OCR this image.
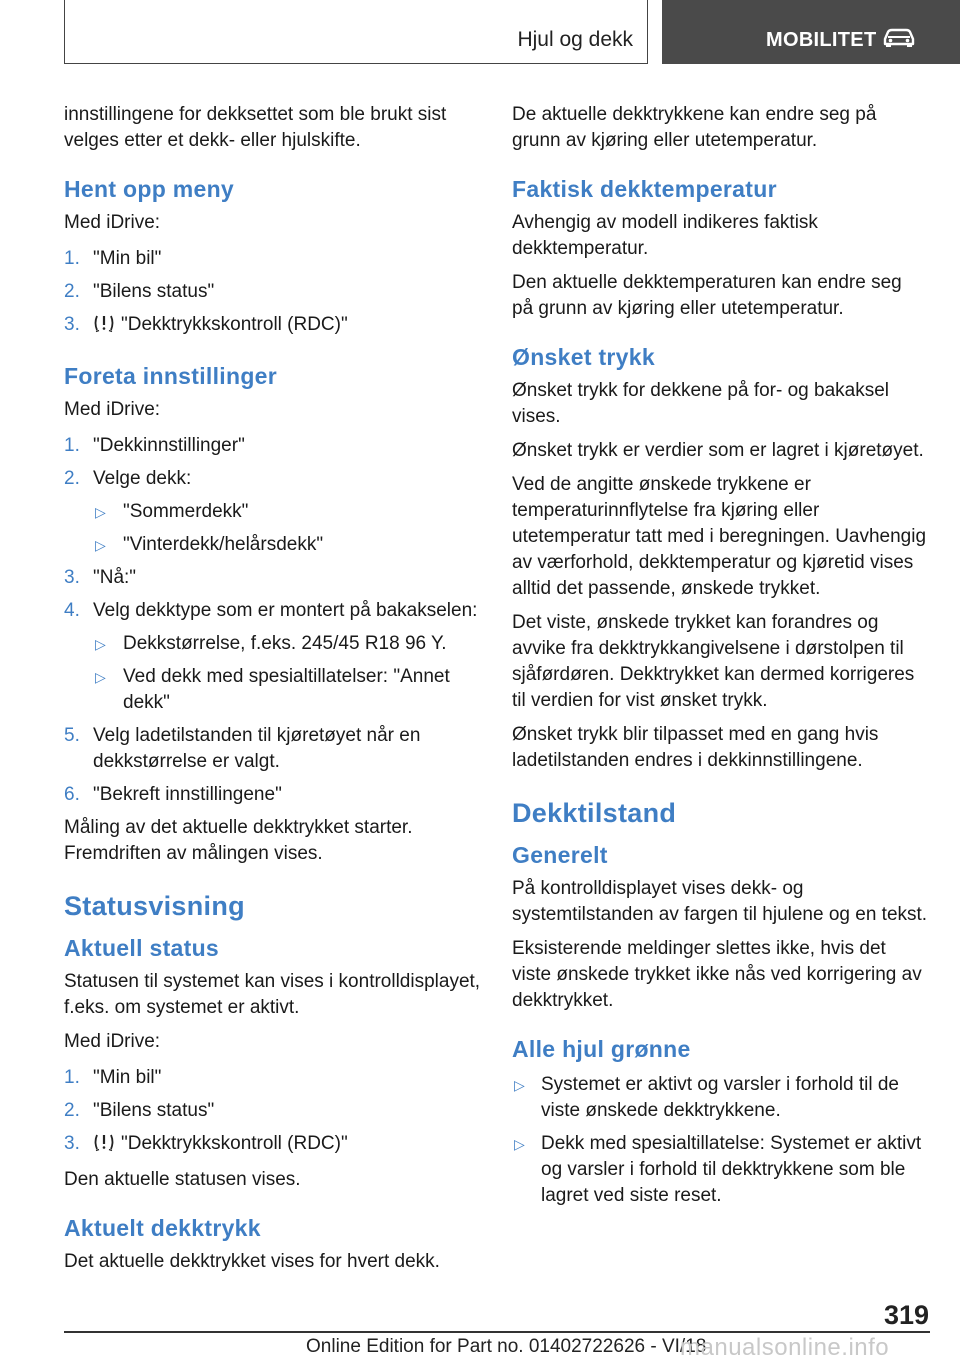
Hjul og dekk	MOBILITET

innstillingene for dekksettet som ble brukt sist velges etter et dekk- eller hjulskifte.

Hent opp meny

Med iDrive:

1. "Min bil"
2. "Bilens status"
3. "Dekktrykkskontroll (RDC)"
Foreta innstillinger

Med iDrive:

1. "Dekkinnstillinger"
2. Velge dekk:
▷ "Sommerdekk"
▷ "Vinterdekk/helårsdekk"
3. "Nå:"
4. Velg dekktype som er montert på bakakselen:
▷ Dekkstørrelse, f.eks. 245/45 R18 96 Y.
▷ Ved dekk med spesialtillatelser: "Annet dekk"
5. Velg ladetilstanden til kjøretøyet når en dekkstørrelse er valgt.
6. "Bekreft innstillingene"

Måling av det aktuelle dekktrykket starter. Fremdriften av målingen vises.

Statusvisning
Aktuell status

Statusen til systemet kan vises i kontrolldisplayet, f.eks. om systemet er aktivt.

Med iDrive:

1. "Min bil"
2. "Bilens status"
3. "Dekktrykkskontroll (RDC)"

Den aktuelle statusen vises.

Aktuelt dekktrykk

Det aktuelle dekktrykket vises for hvert dekk.

De aktuelle dekktrykkene kan endre seg på grunn av kjøring eller utetemperatur.

Faktisk dekktemperatur

Avhengig av modell indikeres faktisk dekktemperatur.

Den aktuelle dekktemperaturen kan endre seg på grunn av kjøring eller utetemperatur.

Ønsket trykk

Ønsket trykk for dekkene på for- og bakaksel vises.

Ønsket trykk er verdier som er lagret i kjøretøyet.

Ved de angitte ønskede trykkene er temperaturinnflytelse fra kjøring eller utetemperatur tatt med i beregningen. Uavhengig av værforhold, dekktemperatur og kjøretid vises alltid det passende, ønskede trykket.

Det viste, ønskede trykket kan forandres og avvike fra dekktrykkangivelsene i dørstolpen til sjåførdøren. Dekktrykket kan dermed korrigeres til verdien for vist ønsket trykk.

Ønsket trykk blir tilpasset med en gang hvis ladetilstanden endres i dekkinnstillingene.

Dekktilstand
Generelt

På kontrolldisplayet vises dekk- og systemtilstanden av fargen til hjulene og en tekst.

Eksisterende meldinger slettes ikke, hvis det viste ønskede trykket ikke nås ved korrigering av dekktrykket.

Alle hjul grønne
▷ Systemet er aktivt og varsler i forhold til de viste ønskede dekktrykkene.
▷ Dekk med spesialtillatelse: Systemet er aktivt og varsler i forhold til dekktrykkene som ble lagret ved siste reset.
319
Online Edition for Part no. 01402722626 - VI/18
manualsonline.info
